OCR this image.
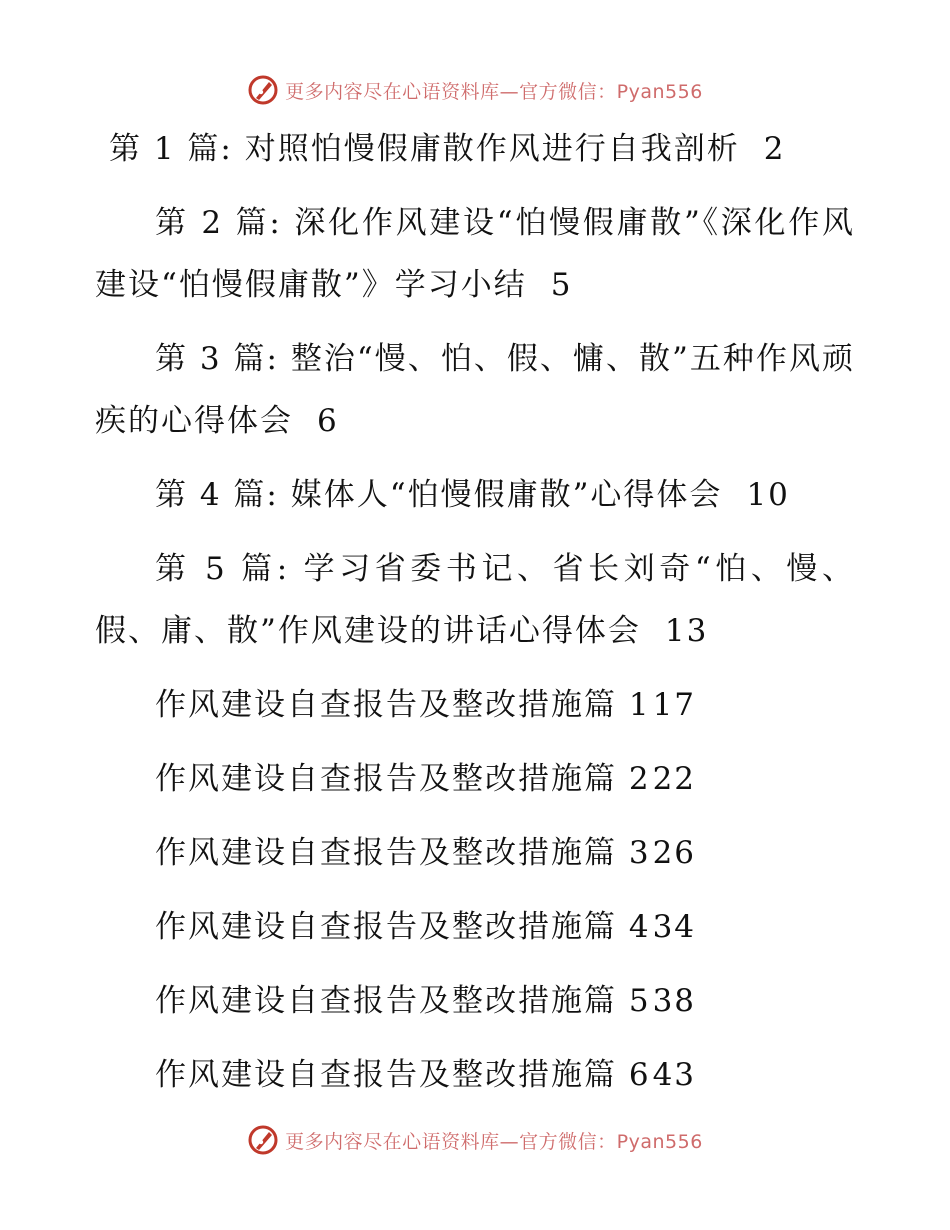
更多内容尽在心语资料库—官方微信：Pyan556
第 1 篇: 对照怕慢假庸散作风进行自我剖析 2
第 2 篇: 深化作风建设“怕慢假庸散”《深化作风建设“怕慢假庸散”》学习小结 5
第 3 篇: 整治“慢、怕、假、慵、散”五种作风顽疾的心得体会 6
第 4 篇: 媒体人“怕慢假庸散”心得体会 10
第 5 篇: 学习省委书记、省长刘奇“怕、慢、假、庸、散”作风建设的讲话心得体会 13
作风建设自查报告及整改措施篇 117
作风建设自查报告及整改措施篇 222
作风建设自查报告及整改措施篇 326
作风建设自查报告及整改措施篇 434
作风建设自查报告及整改措施篇 538
作风建设自查报告及整改措施篇 643
更多内容尽在心语资料库—官方微信：Pyan556
